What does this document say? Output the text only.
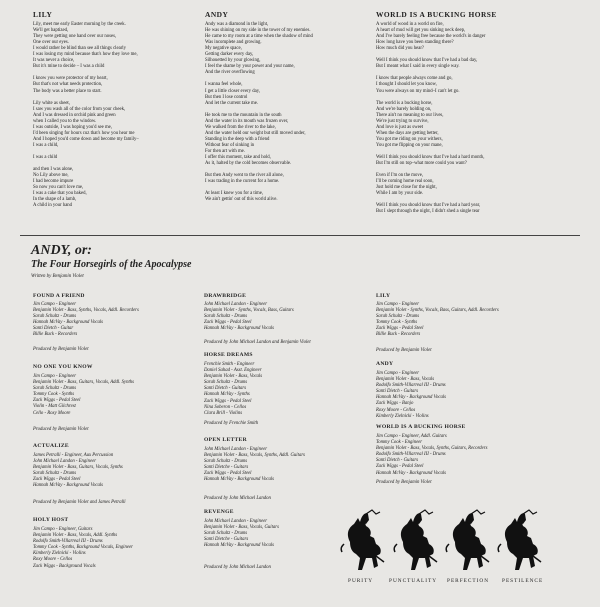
LILY
Lily, meet me early Easter morning by the creek.
We'll get baptized,
They were getting one hand over our noses,
One over our eyes.
I would rather be blind than see all things clearly
I was losing my mind because that's how they love me,
It was never a choice,
But it's mine to decide – I was a child

I know you were protector of my heart,
But that's not what needs protection,
The body was a better place to start.

Lily white as sheet,
I saw you wash all of the color from your cheek,
And I was dressed in orchid pink and green
when I called you to the window.
I was outside, I was hoping you'd see me,
I'd been singing for hours cuz that's how you hear me
And I hoped you'd come down and become my family–
I was a child,

I was a child

and then I was alone,
No Lily above me,
I had become impure
So now you can't love me,
I was a cake that you baked,
In the shape of a lamb,
A child in your hand
ANDY
Andy was a diamond in the light,
He was shining on my side in the tower of my enemies.
He came to my room at a time when the shadow of mind
Was incomplete and growing.
My negative space,
Getting darker every day,
Silhouetted by your glowing,
I feel the shame by your power and your name,
And the river overflowing

I wanna feel whole,
I get a little closer every day,
But then I lose control
And let the current take me.

He took me to the mountain in the south
And the water in its mouth was frozen over,
We walked from the river to the lake,
And the water held our weight but still moved under,
Standing in the deep with a friend
Without fear of sinking in
For then art with me.
I offer this moment, take and hold,
As it, halted by the cold becomes observable.

But then Andy went to the river all alone,
I was trading in the current for a home.

At least I knew you for a time,
We ain't gettin' out of this world alive.
WORLD IS A BUCKING HORSE
A world of wood in a world on fire,
A heart of mud will get you sinking neck deep,
And I've barely feeling free because the world's in danger
How long have you been standing there?
How much did you hear?

Well I think you should know that I've had a bad day,
But I meant what I said in every single way.

I know that people always come and go,
I thought I should let you know,
You were always on my mind–I can't let go.

The world is a bucking horse,
And we're barely holding on,
There ain't no meaning to our lives,
We're just trying to survive,
And love is just as sweet
When the days are getting better,
You got me riding on your withers,
You got me flipping on your mane,

Well I think you should know that I've had a hard month,
But I'm still on top–what more could you want?

Even if I'm on the move,
I'll be coming home real soon,
Just hold me close for the night,
While I am by your side.

Well I think you should know that I've had a hard year,
But I slept through the night, I didn't shed a single tear
ANDY, or:
The Four Horsegirls of the Apocalypse
Written by Benjamin Violet
FOUND A FRIEND
Jim Campo - Engineer
Benjamin Violet - Bass, Synths, Vocals, Addl. Recorders
Sarah Schultz - Drums
Hannah McVay - Background Vocals
Santi Dietch - Guitar
Billie Buck - Recorders
Produced by Benjamin Violet
NO ONE YOU KNOW
Jim Campo - Engineer
Benjamin Violet - Bass, Guitars, Vocals, Addl. Synths
Sarah Schultz - Drums
Tommy Cook - Synths
Zack Wiggs - Pedal Steel
Violin - Matt Gilchrest
Cello - Roxy Moore
Produced by Benjamin Violet
ACTUALIZE
James Petralli - Engineer, Aux Percussion
John Michael Landon - Engineer
Benjamin Violet - Bass, Guitars, Vocals, Synths
Sarah Schultz - Drums
Zack Wiggs - Pedal Steel
Hannah McVay - Background Vocals
Produced by Benjamin Violet and James Petralli
HOLY HOST
Jim Campo - Engineer, Guitars
Benjamin Violet - Bass, Vocals, Addl. Synths
Rodolfo Smith-Villarreal III - Drums
Tommy Cook - Synths, Background Vocals, Engineer
Kimberly Zielnicki - Violins
Roxy Moore - Cellos
Zack Wiggs - Background Vocals
DRAWBRIDGE
John Michael Landon - Engineer
Benjamin Violet - Synths, Vocals, Bass, Guitars
Sarah Schultz - Drums
Zack Wiggs - Pedal Steel
Hannah McVay - Background Vocals
Produced by John Michael Landon and Benjamin Violet
HORSE DREAMS
Frenchie Smith - Engineer
Daniel Sahad - Asst. Engineer
Benjamin Violet - Bass, Vocals
Sarah Schultz - Drums
Santi Dietch - Guitars
Hannah McVay - Synths
Zack Wiggs - Pedal Steel
Nina Soberon - Cellos
Clara Brill - Violins
Produced by Frenchie Smith
OPEN LETTER
John Michael Landon - Engineer
Benjamin Violet - Bass, Vocals, Synths, Addl. Guitars
Sarah Schultz - Drums
Santi Dietche - Guitars
Zack Wiggs - Pedal Steel
Hannah McVay - Background Vocals
Produced by John Michael Landon
REVENGE
John Michael Landon - Engineer
Benjamin Violet - Bass, Vocals, Guitars
Sarah Schultz - Drums
Santi Dietche - Guitars
Hannah McVay - Background Vocals
Produced by John Michael Landon
LILY
Jim Campo - Engineer
Benjamin Violet - Synths, Vocals, Bass, Guitars, Addl. Recorders
Sarah Schultz - Drums
Tommy Cook - Synths
Zack Wiggs - Pedal Steel
Billie Buck - Recorders
Produced by Benjamin Violet
ANDY
Jim Campo - Engineer
Benjamin Violet - Bass, Vocals
Rodolfo Smith-Villarreal III - Drums
Santi Dietch - Guitars
Hannah McVay - Background Vocals
Zack Wiggs - Banjo
Roxy Moore - Cellos
Kimberly Zielnicki - Violins
WORLD IS A BUCKING HORSE
Jim Campo - Engineer, Addl. Guitars
Tommy Cook - Engineer
Benjamin Violet - Bass, Vocals, Synths, Guitars, Recorders
Rodolfo Smith-Villarreal III - Drums
Santi Dietch - Guitars
Zack Wiggs - Pedal Steel
Hannah McVay - Background Vocals
Produced by Benjamin Violet
PURITY	PUNCTUALITY PERFECTION PESTILENCE
